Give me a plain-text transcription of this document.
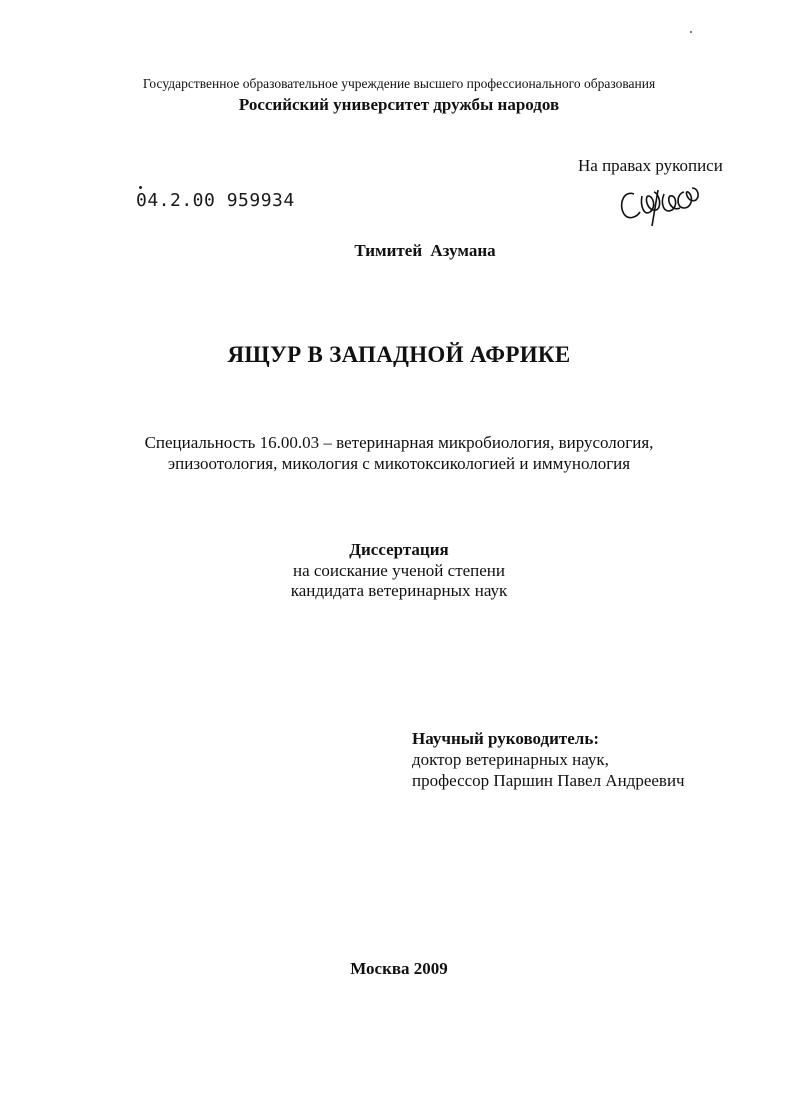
Государственное образовательное учреждение высшего профессионального образования
Российский университет дружбы народов
На правах рукописи
04.2.00 959934
Тимитей Азумана
ЯЩУР В ЗАПАДНОЙ АФРИКЕ
Специальность 16.00.03 – ветеринарная микробиология, вирусология,
эпизоотология, микология с микотоксикологией и иммунология
Диссертация
на соискание ученой степени
кандидата ветеринарных наук
Научный руководитель:
доктор ветеринарных наук,
профессор Паршин Павел Андреевич
Москва 2009
